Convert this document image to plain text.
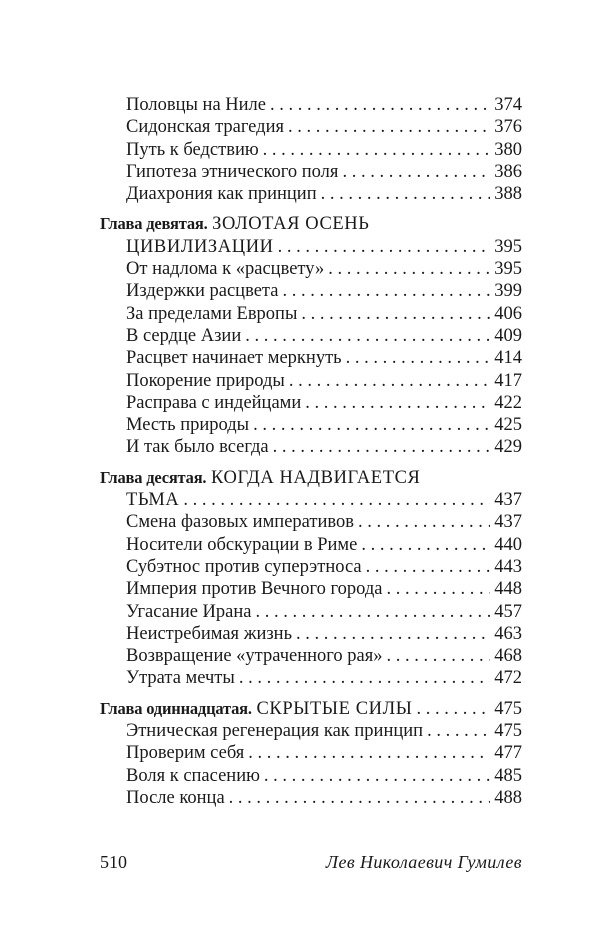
Половцы на Ниле . . .	374
Сидонская трагедия . . .	376
Путь к бедствию . . .	380
Гипотеза этнического поля . . .	386
Диахрония как принцип . . .	388
Глава девятая. ЗОЛОТАЯ ОСЕНЬ
ЦИВИЛИЗАЦИИ . . .	395
От надлома к «расцвету» . . .	395
Издержки расцвета . . .	399
За пределами Европы . . .	406
В сердце Азии . . .	409
Расцвет начинает меркнуть . . .	414
Покорение природы . . .	417
Расправа с индейцами . . .	422
Месть природы . . .	425
И так было всегда . . .	429
Глава десятая. КОГДА НАДВИГАЕТСЯ
ТЬМА . . .	437
Смена фазовых императивов . . .	437
Носители обскурации в Риме . . .	440
Субэтнос против суперэтноса . . .	443
Империя против Вечного города . . .	448
Угасание Ирана . . .	457
Неистребимая жизнь . . .	463
Возвращение «утраченного рая» . . .	468
Утрата мечты . . .	472
Глава одиннадцатая. СКРЫТЫЕ СИЛЫ . . .	475
Этническая регенерация как принцип . . .	475
Проверим себя . . .	477
Воля к спасению . . .	485
После конца . . .	488
510	Лев Николаевич Гумилев
